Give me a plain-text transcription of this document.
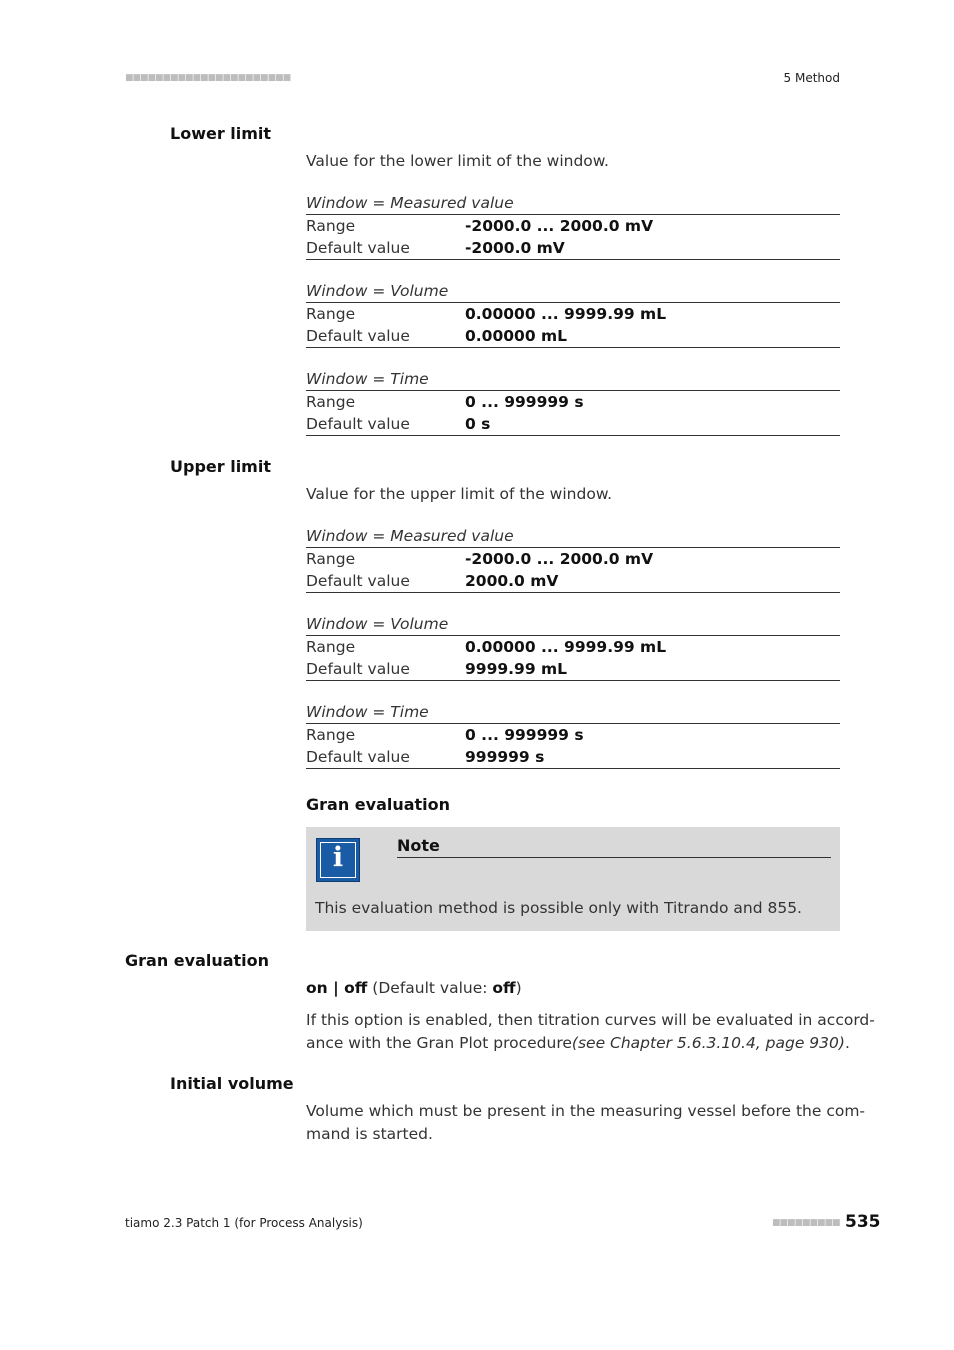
■■■■■■■■■■■■■■■■■■■■■■	5 Method
Lower limit
Value for the lower limit of the window.
Window = Measured value
Range	-2000.0 ... 2000.0 mV
Default value	-2000.0 mV
Window = Volume
Range	0.00000 ... 9999.99 mL
Default value	0.00000 mL
Window = Time
Range	0 ... 999999 s
Default value	0 s
Upper limit
Value for the upper limit of the window.
Window = Measured value
Range	-2000.0 ... 2000.0 mV
Default value	2000.0 mV
Window = Volume
Range	0.00000 ... 9999.99 mL
Default value	9999.99 mL
Window = Time
Range	0 ... 999999 s
Default value	999999 s
Gran evaluation
i	Note
This evaluation method is possible only with Titrando and 855.
Gran evaluation
on | off (Default value: off)
If this option is enabled, then titration curves will be evaluated in accord-
ance with the Gran Plot procedure(see Chapter 5.6.3.10.4, page 930).
Initial volume
Volume which must be present in the measuring vessel before the com-
mand is started.
tiamo 2.3 Patch 1 (for Process Analysis)	■■■■■■■■■ 535
